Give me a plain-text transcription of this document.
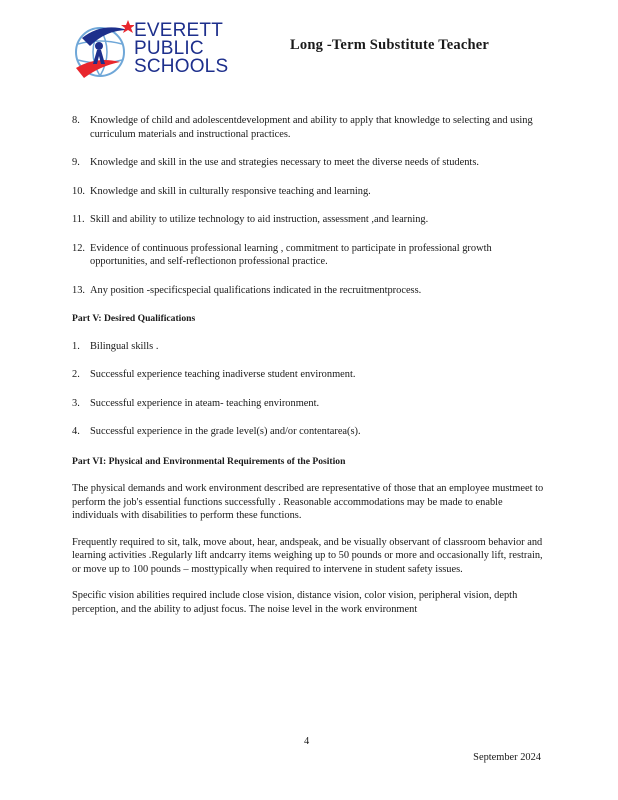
EVERETT
PUBLIC
SCHOOLS
Long -Term Substitute Teacher
8. Knowledge of child and adolescentdevelopment and ability to apply that knowledge to selecting and using curriculum materials and instructional practices.
9. Knowledge and skill in the use and strategies necessary to meet the diverse needs of students.
10. Knowledge and skill in culturally responsive teaching and learning.
11. Skill and ability to utilize technology to aid instruction, assessment ,and learning.
12. Evidence of continuous professional learning , commitment to participate in professional growth opportunities, and self-reflectionon professional practice.
13. Any position -specificspecial qualifications indicated in the recruitmentprocess.
Part V: Desired Qualifications
1. Bilingual skills .
2. Successful experience teaching inadiverse student environment.
3. Successful experience in ateam- teaching environment.
4. Successful experience in the grade level(s) and/or contentarea(s).
Part VI: Physical and Environmental Requirements of the Position

The physical demands and work environment described are representative of those that an employee mustmeet to perform the job's essential functions successfully . Reasonable accommodations may be made to enable individuals with disabilities to perform these functions.

Frequently required to sit, talk, move about, hear, andspeak, and be visually observant of classroom behavior and learning activities .Regularly lift andcarry items weighing up to 50 pounds or more and occasionally lift, restrain, or move up to 100 pounds – mosttypically when required to intervene in student safety issues.

Specific vision abilities required include close vision, distance vision, color vision, peripheral vision, depth perception, and the ability to adjust focus. The noise level in the work environment

4
September 2024
